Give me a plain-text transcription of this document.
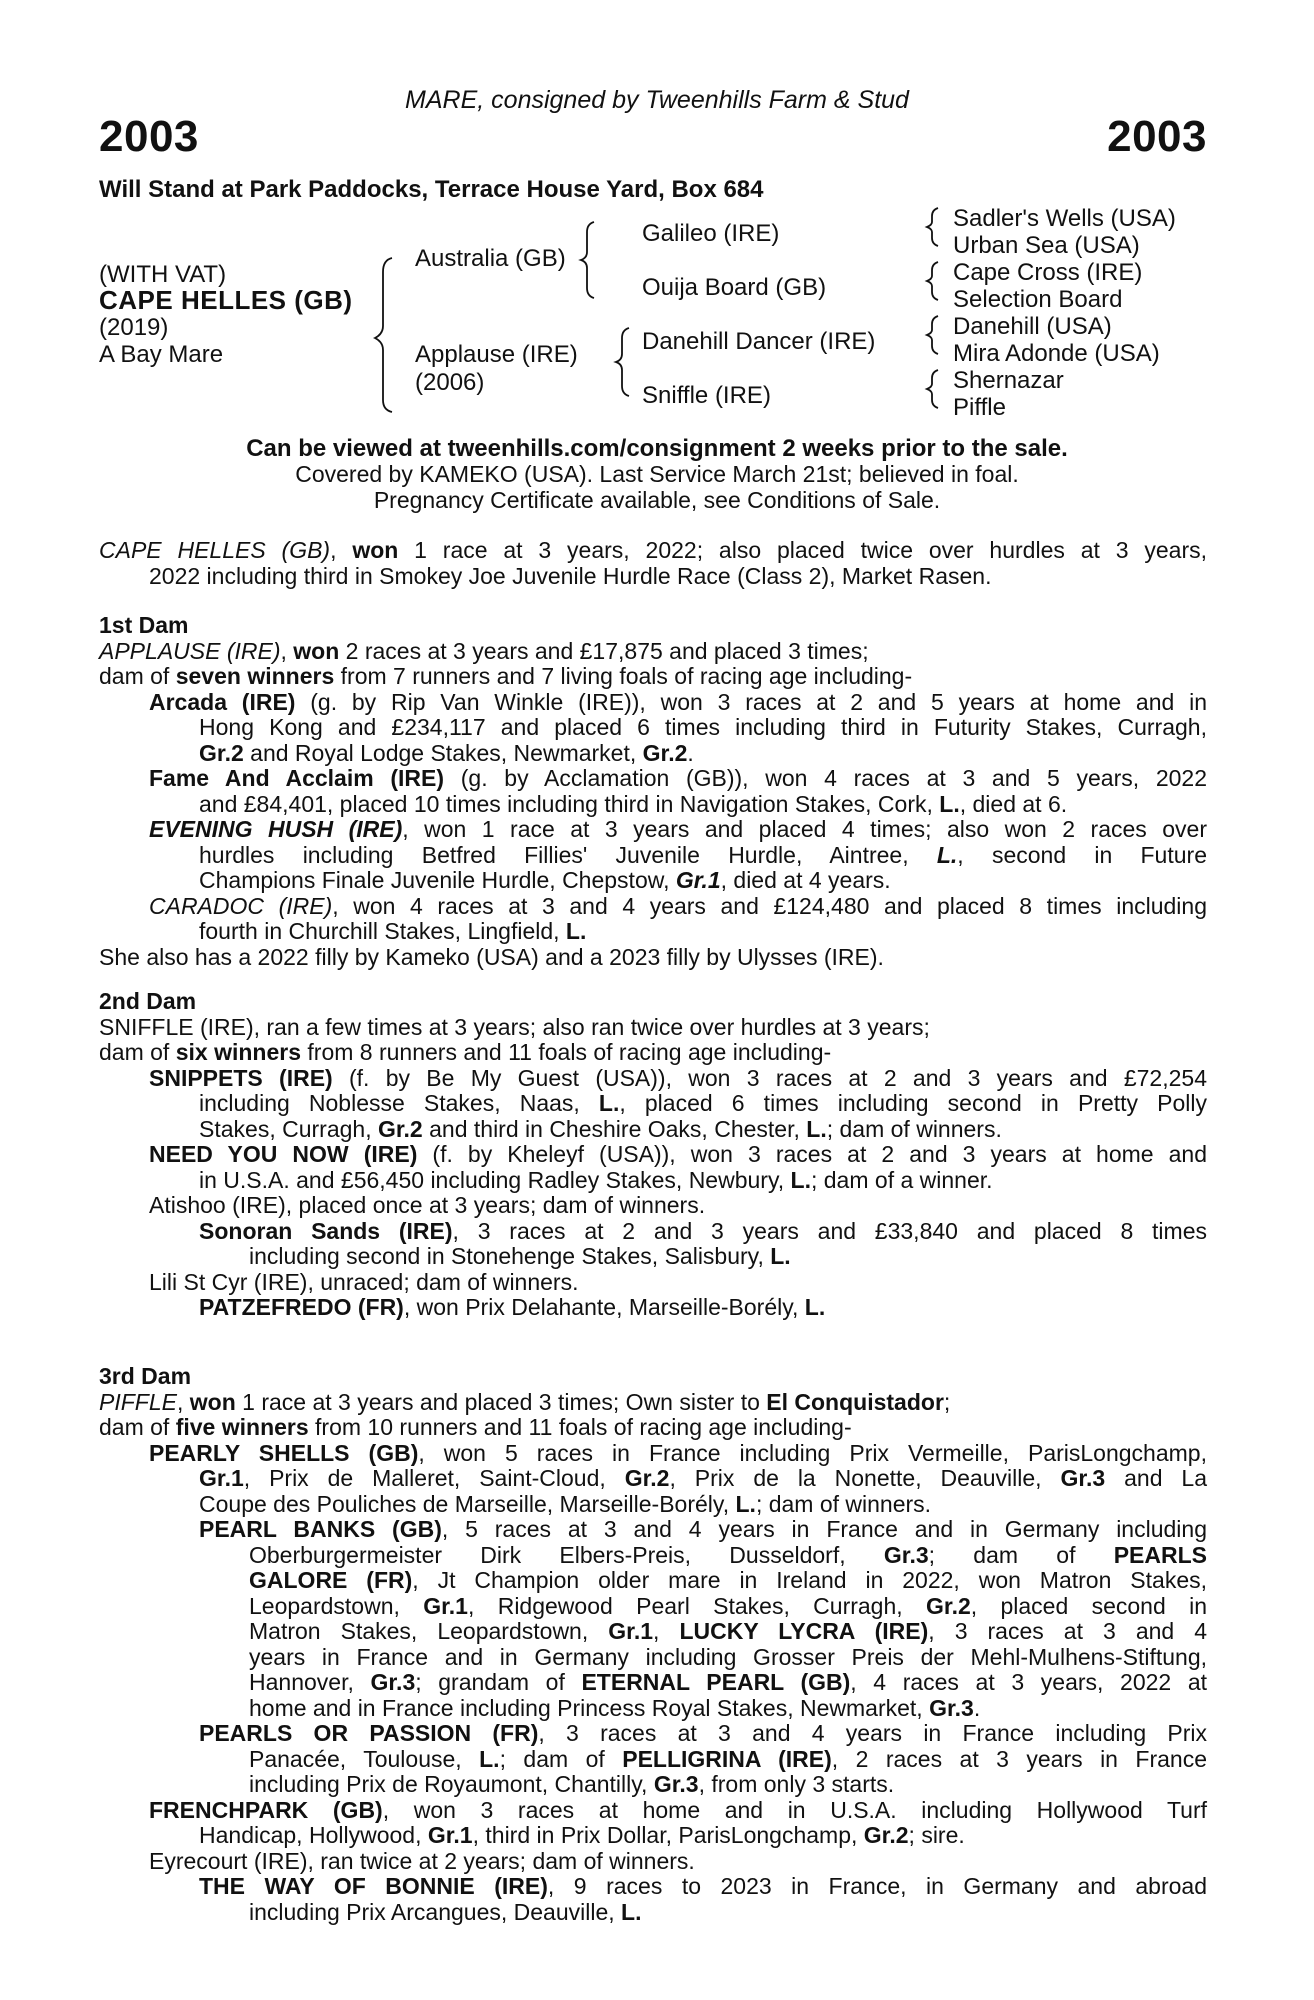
MARE, consigned by Tweenhills Farm & Stud
2003	2003
Will Stand at Park Paddocks, Terrace House Yard, Box 684
(WITH VAT)
CAPE HELLES (GB)
(2019)
A Bay Mare
Australia (GB)
Applause (IRE)
(2006)
Galileo (IRE)
Ouija Board (GB)
Danehill Dancer (IRE)
Sniffle (IRE)
Sadler's Wells (USA)
Urban Sea (USA)
Cape Cross (IRE)
Selection Board
Danehill (USA)
Mira Adonde (USA)
Shernazar
Piffle
Can be viewed at tweenhills.com/consignment 2 weeks prior to the sale.
Covered by KAMEKO (USA). Last Service March 21st; believed in foal.
Pregnancy Certificate available, see Conditions of Sale.
CAPE HELLES (GB), won 1 race at 3 years, 2022; also placed twice over hurdles at 3 years,
2022 including third in Smokey Joe Juvenile Hurdle Race (Class 2), Market Rasen.
1st Dam
APPLAUSE (IRE), won 2 races at 3 years and £17,875 and placed 3 times;
dam of seven winners from 7 runners and 7 living foals of racing age including-
Arcada (IRE) (g. by Rip Van Winkle (IRE)), won 3 races at 2 and 5 years at home and in
Hong Kong and £234,117 and placed 6 times including third in Futurity Stakes, Curragh,
Gr.2 and Royal Lodge Stakes, Newmarket, Gr.2.
Fame And Acclaim (IRE) (g. by Acclamation (GB)), won 4 races at 3 and 5 years, 2022
and £84,401, placed 10 times including third in Navigation Stakes, Cork, L., died at 6.
EVENING HUSH (IRE), won 1 race at 3 years and placed 4 times; also won 2 races over
hurdles including Betfred Fillies' Juvenile Hurdle, Aintree, L., second in Future
Champions Finale Juvenile Hurdle, Chepstow, Gr.1, died at 4 years.
CARADOC (IRE), won 4 races at 3 and 4 years and £124,480 and placed 8 times including
fourth in Churchill Stakes, Lingfield, L.
She also has a 2022 filly by Kameko (USA) and a 2023 filly by Ulysses (IRE).
2nd Dam
SNIFFLE (IRE), ran a few times at 3 years; also ran twice over hurdles at 3 years;
dam of six winners from 8 runners and 11 foals of racing age including-
SNIPPETS (IRE) (f. by Be My Guest (USA)), won 3 races at 2 and 3 years and £72,254
including Noblesse Stakes, Naas, L., placed 6 times including second in Pretty Polly
Stakes, Curragh, Gr.2 and third in Cheshire Oaks, Chester, L.; dam of winners.
NEED YOU NOW (IRE) (f. by Kheleyf (USA)), won 3 races at 2 and 3 years at home and
in U.S.A. and £56,450 including Radley Stakes, Newbury, L.; dam of a winner.
Atishoo (IRE), placed once at 3 years; dam of winners.
Sonoran Sands (IRE), 3 races at 2 and 3 years and £33,840 and placed 8 times
including second in Stonehenge Stakes, Salisbury, L.
Lili St Cyr (IRE), unraced; dam of winners.
PATZEFREDO (FR), won Prix Delahante, Marseille-Borély, L.
3rd Dam
PIFFLE, won 1 race at 3 years and placed 3 times; Own sister to El Conquistador;
dam of five winners from 10 runners and 11 foals of racing age including-
PEARLY SHELLS (GB), won 5 races in France including Prix Vermeille, ParisLongchamp,
Gr.1, Prix de Malleret, Saint-Cloud, Gr.2, Prix de la Nonette, Deauville, Gr.3 and La
Coupe des Pouliches de Marseille, Marseille-Borély, L.; dam of winners.
PEARL BANKS (GB), 5 races at 3 and 4 years in France and in Germany including
Oberburgermeister Dirk Elbers-Preis, Dusseldorf, Gr.3; dam of PEARLS
GALORE (FR), Jt Champion older mare in Ireland in 2022, won Matron Stakes,
Leopardstown, Gr.1, Ridgewood Pearl Stakes, Curragh, Gr.2, placed second in
Matron Stakes, Leopardstown, Gr.1, LUCKY LYCRA (IRE), 3 races at 3 and 4
years in France and in Germany including Grosser Preis der Mehl-Mulhens-Stiftung,
Hannover, Gr.3; grandam of ETERNAL PEARL (GB), 4 races at 3 years, 2022 at
home and in France including Princess Royal Stakes, Newmarket, Gr.3.
PEARLS OR PASSION (FR), 3 races at 3 and 4 years in France including Prix
Panacée, Toulouse, L.; dam of PELLIGRINA (IRE), 2 races at 3 years in France
including Prix de Royaumont, Chantilly, Gr.3, from only 3 starts.
FRENCHPARK (GB), won 3 races at home and in U.S.A. including Hollywood Turf
Handicap, Hollywood, Gr.1, third in Prix Dollar, ParisLongchamp, Gr.2; sire.
Eyrecourt (IRE), ran twice at 2 years; dam of winners.
THE WAY OF BONNIE (IRE), 9 races to 2023 in France, in Germany and abroad
including Prix Arcangues, Deauville, L.
